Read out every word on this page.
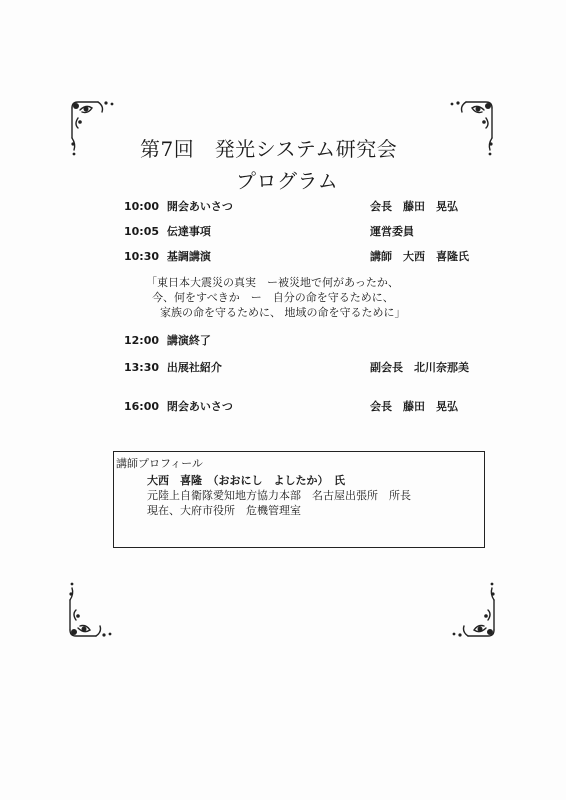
第7回　発光システム研究会
プログラム
10:00 開会あいさつ	会長　藤田　晃弘
10:05 伝達事項	運営委員
10:30 基調講演	講師　大西　喜隆氏
「東日本大震災の真実　ー被災地で何があったか、
今、何をすべきか　ー　自分の命を守るために、
家族の命を守るために、 地域の命を守るために」
12:00 講演終了
13:30 出展社紹介	副会長　北川奈那美
16:00 閉会あいさつ	会長　藤田　晃弘
講師プロフィール
大西　喜隆　（おおにし　よしたか）　氏
元陸上自衛隊愛知地方協力本部　名古屋出張所　所長
現在、大府市役所　危機管理室
